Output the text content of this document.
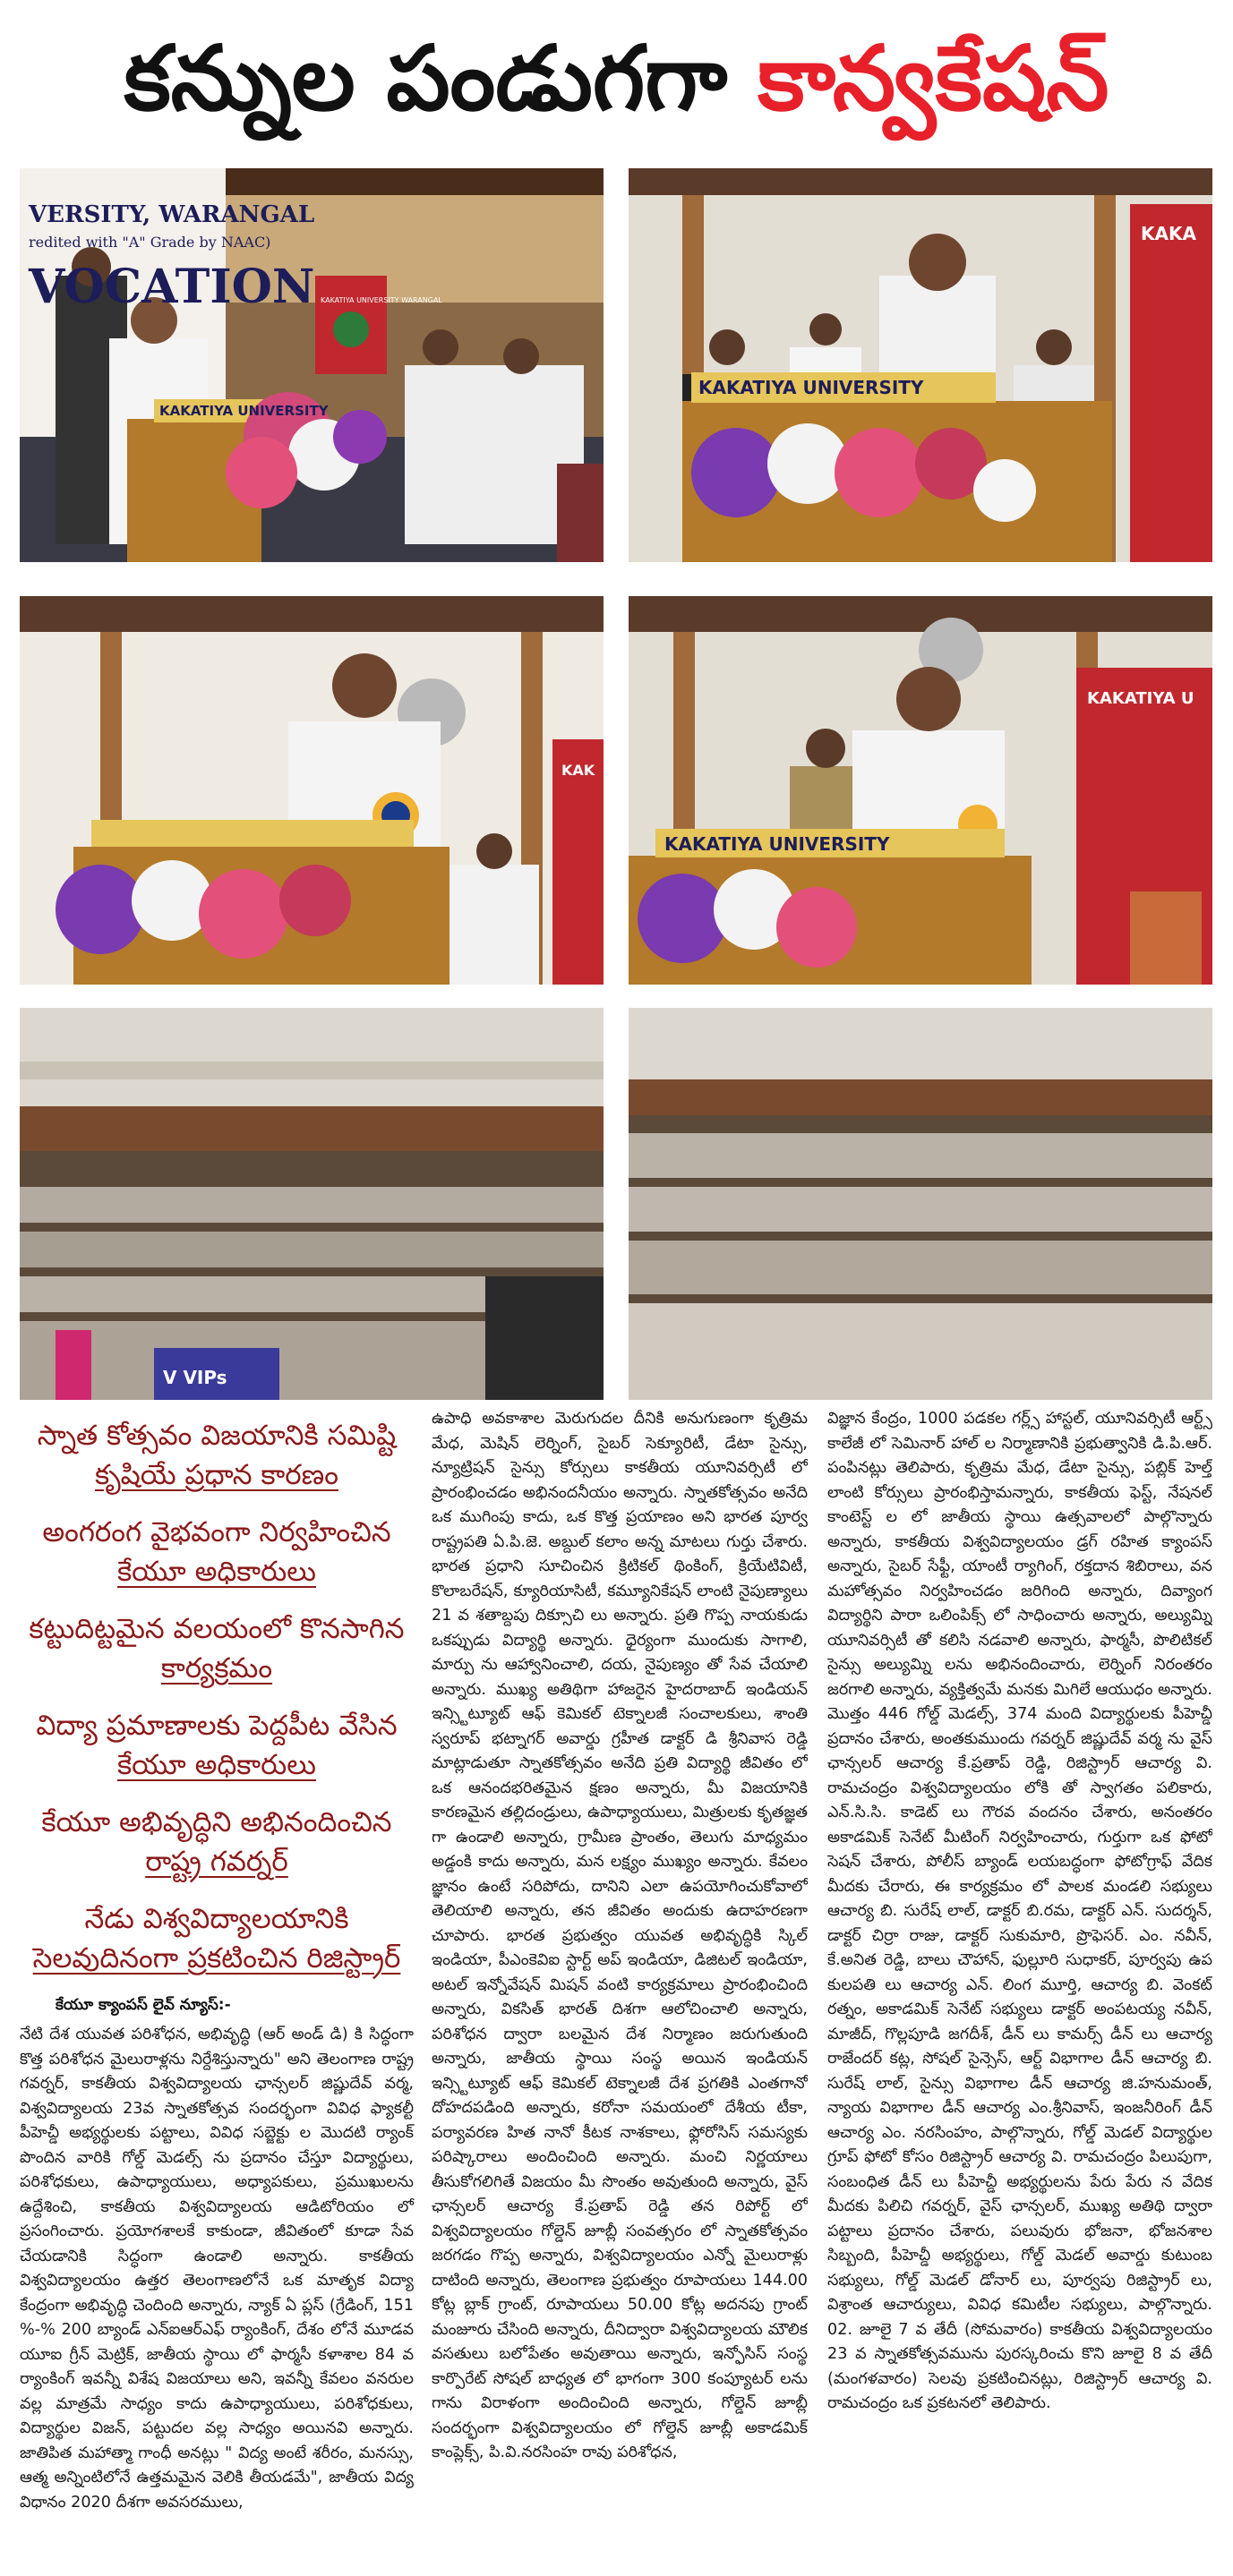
కన్నుల పండుగగా కాన్వకేషన్
VERSITY, WARANGAL
redited with "A" Grade by NAAC)
VOCATION
KAKATIYA UNIVERSITY
KAKATIYA UNIVERSITY WARANGAL
KAKATIYA UNIVERSITY
KAKA
KAK
KAKATIYA UNIVERSITY
KAKATIYA U
V VIPs
స్నాత కోత్సవం విజయానికి సమిష్టి
కృషియే ప్రధాన కారణం
అంగరంగ వైభవంగా నిర్వహించిన
కేయూ అధికారులు
కట్టుదిట్టమైన వలయంలో కొనసాగిన
కార్యక్రమం
విద్యా ప్రమాణాలకు పెద్దపీట వేసిన
కేయూ అధికారులు
కేయూ అభివృద్ధిని అభినందించిన
రాష్ట్ర గవర్నర్
నేడు విశ్వవిద్యాలయానికి
సెలవుదినంగా ప్రకటించిన రిజిస్ట్రార్
కేయూ క్యాంపస్ లైవ్ న్యూస్:-

నేటి దేశ యువత పరిశోధన, అభివృద్ధి (ఆర్ అండ్ డి) కి సిద్ధంగా కొత్త పరిశోధన మైలురాళ్లను నిర్దేశిస్తున్నారు" అని తెలంగాణ రాష్ట్ర గవర్నర్, కాకతీయ విశ్వవిద్యాలయ ఛాన్సలర్ జిష్ణుదేవ్ వర్మ, విశ్వవిద్యాలయ 23వ స్నాతకోత్సవ సందర్భంగా వివిధ ఫ్యాకల్టీ పీహెచ్డీ అభ్యర్థులకు పట్టాలు, వివిధ సబ్జెక్టు ల మొదటి ర్యాంక్ పొందిన వారికి గోల్డ్ మెడల్స్ ను ప్రదానం చేస్తూ విద్యార్థులు, పరిశోధకులు, ఉపాధ్యాయులు, అధ్యాపకులు, ప్రముఖులను ఉద్దేశించి, కాకతీయ విశ్వవిద్యాలయ ఆడిటోరియం లో ప్రసంగించారు. ప్రయోగశాలకే కాకుండా, జీవితంలో కూడా సేవ చేయడానికి సిద్ధంగా ఉండాలి అన్నారు. కాకతీయ విశ్వవిద్యాలయం ఉత్తర తెలంగాణలోనే ఒక మాతృక విద్యా కేంద్రంగా అభివృద్ధి చెందింది అన్నారు, న్యాక్ ఏ ప్లస్ (గ్రేడింగ్, 151 %-% 200 బ్యాండ్ ఎన్ఐఆర్ఎఫ్ ర్యాంకింగ్, దేశం లోనే మూడవ యూఐ గ్రీన్ మెట్రిక్, జాతీయ స్థాయి లో ఫార్మసీ కళాశాల 84 వ ర్యాంకింగ్ ఇవన్నీ విశేష విజయాలు అని, ఇవన్నీ కేవలం వనరుల వల్ల మాత్రమే సాధ్యం కాదు ఉపాధ్యాయులు, పరిశోధకులు, విద్యార్థుల విజన్, పట్టుదల వల్ల సాధ్యం అయినవి అన్నారు. జాతిపిత మహాత్మా గాంధీ అనట్లు " విద్య అంటే శరీరం, మనస్సు, ఆత్మ అన్నింటిలోనే ఉత్తమమైన వెలికి తీయడమే", జాతీయ విద్య విధానం 2020 దీశగా అవసరములు,

ఉపాధి అవకాశాల మెరుగుదల దీనికి అనుగుణంగా కృత్రిమ మేధ, మెషిన్ లెర్నింగ్, సైబర్ సెక్యూరిటీ, డేటా సైన్సు, న్యూట్రిషన్ సైన్సు కోర్సులు కాకతీయ యూనివర్సిటీ లో ప్రారంభించడం అభినందనీయం అన్నారు. స్నాతకోత్సవం అనేది ఒక ముగింపు కాదు, ఒక కొత్త ప్రయాణం అని భారత పూర్వ రాష్ట్రపతి ఏ.పి.జె. అబ్దుల్ కలాం అన్న మాటలు గుర్తు చేశారు. భారత ప్రధాని సూచించిన క్రిటికల్ థింకింగ్, క్రియేటివిటీ, కొలాబరేషన్, క్యూరియాసిటీ, కమ్యూనికేషన్ లాంటి నైపుణ్యాలు 21 వ శతాబ్దపు దిక్సూచి లు అన్నారు. ప్రతి గొప్ప నాయకుడు ఒకప్పుడు విద్యార్థి అన్నారు. ధైర్యంగా ముందుకు సాగాలి, మార్పు ను ఆహ్వానించాలి, దయ, నైపుణ్యం తో సేవ చేయాలి అన్నారు. ముఖ్య అతిథిగా హాజరైన హైదరాబాద్ ఇండియన్ ఇన్స్టిట్యూట్ ఆఫ్ కెమికల్ టెక్నాలజీ సంచాలకులు, శాంతి స్వరూప్ భట్నాగర్ అవార్డు గ్రహీత డాక్టర్ డి శ్రీనివాస రెడ్డి మాట్లాడుతూ స్నాతకోత్సవం అనేది ప్రతి విద్యార్థి జీవితం లో ఒక ఆనందభరితమైన క్షణం అన్నారు, మీ విజయానికి కారణమైన తల్లిదండ్రులు, ఉపాధ్యాయులు, మిత్రులకు కృతజ్ఞత గా ఉండాలి అన్నారు, గ్రామీణ ప్రాంతం, తెలుగు మాధ్యమం అడ్డంకి కాదు అన్నారు, మన లక్ష్యం ముఖ్యం అన్నారు. కేవలం జ్ఞానం ఉంటే సరిపోదు, దానిని ఎలా ఉపయోగించుకోవాలో తెలియాలి అన్నారు, తన జీవితం అందుకు ఉదాహరణగా చూపారు. భారత ప్రభుత్వం యువత అభివృద్ధికి స్కిల్ ఇండియా, పీఎంకెవిఐ స్టార్ట్ అప్ ఇండియా, డిజిటల్ ఇండియా, అటల్ ఇన్నోవేషన్ మిషన్ వంటి కార్యక్రమాలు ప్రారంభించింది అన్నారు, వికసిత్ భారత్ దిశగా ఆలోచించాలి అన్నారు, పరిశోధన ద్వారా బలమైన దేశ నిర్మాణం జరుగుతుంది అన్నారు, జాతీయ స్థాయి సంస్థ అయిన ఇండియన్ ఇన్స్టిట్యూట్ ఆఫ్ కెమికల్ టెక్నాలజీ దేశ ప్రగతికి ఎంతగానో దోహదపడింది అన్నారు, కరోనా సమయంలో దేశీయ టీకా, పర్యావరణ హిత నానో కీటక నాశకాలు, ఫ్లోరోసిస్ సమస్యకు పరిష్కారాలు అందించింది అన్నారు. మంచి నిర్ణయాలు తీసుకోగలిగితే విజయం మీ సొంతం అవుతుంది అన్నారు, వైస్ ఛాన్సలర్ ఆచార్య కే.ప్రతాప్ రెడ్డి తన రిపోర్ట్ లో విశ్వవిద్యాలయం గోల్డెన్ జూబ్లీ సంవత్సరం లో స్నాతకోత్సవం జరగడం గొప్ప అన్నారు, విశ్వవిద్యాలయం ఎన్నో మైలురాళ్లు దాటింది అన్నారు, తెలంగాణ ప్రభుత్వం రూపాయలు 144.00 కోట్ల బ్లాక్ గ్రాంట్, రూపాయలు 50.00 కోట్ల అదనపు గ్రాంట్ మంజూరు చేసింది అన్నారు, దీనిద్వారా విశ్వవిద్యాలయ మౌలిక వసతులు బలోపేతం అవుతాయి అన్నారు, ఇన్ఫోసిస్ సంస్థ కార్పొరేట్ సోషల్ బాధ్యత లో భాగంగా 300 కంప్యూటర్ లను గాను విరాళంగా అందించింది అన్నారు, గోల్డెన్ జూబ్లీ సందర్భంగా విశ్వవిద్యాలయం లో గోల్డెన్ జూబ్లీ అకాడమిక్ కాంప్లెక్స్, పి.వి.నరసింహ రావు పరిశోధన,

విజ్ఞాన కేంద్రం, 1000 పడకల గర్ల్స్ హాస్టల్, యూనివర్సిటీ ఆర్ట్స్ కాలేజీ లో సెమినార్ హాల్ ల నిర్మాణానికి ప్రభుత్వానికి డి.పి.ఆర్. పంపినట్లు తెలిపారు, కృత్రిమ మేధ, డేటా సైన్సు, పబ్లిక్ హెల్త్ లాంటి కోర్సులు ప్రారంభిస్తామన్నారు, కాకతీయ ఫెస్ట్, నేషనల్ కాంటెస్ట్ ల లో జాతీయ స్థాయి ఉత్సవాలలో పాల్గొన్నారు అన్నారు, కాకతీయ విశ్వవిద్యాలయం డ్రగ్ రహిత క్యాంపస్ అన్నారు, సైబర్ సేఫ్టీ, యాంటీ ర్యాగింగ్, రక్తదాన శిబిరాలు, వన మహోత్సవం నిర్వహించడం జరిగింది అన్నారు, దివ్యాంగ విద్యార్థిని పారా ఒలింపిక్స్ లో సాధించారు అన్నారు, అల్యుమ్ని యూనివర్సిటీ తో కలిసి నడవాలి అన్నారు, ఫార్మసీ, పొలిటికల్ సైన్సు అల్యుమ్ని లను అభినందించారు, లెర్నింగ్ నిరంతరం జరగాలి అన్నారు, వ్యక్తిత్వమే మనకు మిగిలే ఆయుధం అన్నారు. మొత్తం 446 గోల్డ్ మెడల్స్, 374 మంది విద్యార్థులకు పీహెచ్డీ ప్రదానం చేశారు, అంతకుముందు గవర్నర్ జిష్ణుదేవ్ వర్మ ను వైస్ ఛాన్సలర్ ఆచార్య కే.ప్రతాప్ రెడ్డి, రిజిస్ట్రార్ ఆచార్య వి. రామచంద్రం విశ్వవిద్యాలయం లోకి తో స్వాగతం పలికారు, ఎన్.సి.సి. కాడెట్ లు గౌరవ వందనం చేశారు, అనంతరం అకాడమిక్ సెనేట్ మీటింగ్ నిర్వహించారు, గుర్తుగా ఒక ఫోటో సెషన్ చేశారు, పోలీస్ బ్యాండ్ లయబద్ధంగా ఫోటోగ్రాఫ్ వేదిక మీదకు చేరారు, ఈ కార్యక్రమం లో పాలక మండలి సభ్యులు ఆచార్య బి. సురేష్ లాల్, డాక్టర్ బి.రమ, డాక్టర్ ఎన్. సుదర్శన్, డాక్టర్ చిర్రా రాజు, డాక్టర్ సుకుమారి, ప్రొఫెసర్. ఎం. నవీన్, కే.అనిత రెడ్డి, బాలు చౌహాన్, ఫుల్లూరి సుధాకర్, పూర్వపు ఉప కులపతి లు ఆచార్య ఎన్. లింగ మూర్తి, ఆచార్య బి. వెంకట్ రత్నం, అకాడమిక్ సెనేట్ సభ్యులు డాక్టర్ అంపటయ్య నవీన్, మాజీద్, గొల్లపూడి జగదీశ్, డీన్ లు కామర్స్ డీన్ లు ఆచార్య రాజేందర్ కట్ల, సోషల్ సైన్సెస్, ఆర్ట్ విభాగాల డీన్ ఆచార్య బి. సురేష్ లాల్, సైన్సు విభాగాల డీన్ ఆచార్య జి.హనుమంత్, న్యాయ విభాగాల డీన్ ఆచార్య ఎం.శ్రీనివాస్, ఇంజనీరింగ్ డీన్ ఆచార్య ఎం. నరసింహం, పాల్గొన్నారు, గోల్డ్ మెడల్ విద్యార్థుల గ్రూప్ ఫోటో కోసం రిజిస్ట్రార్ ఆచార్య వి. రామచంద్రం పిలుపుగా, సంబంధిత డీన్ లు పీహెచ్డీ అభ్యర్థులను పేరు పేరు న వేదిక మీదకు పిలిచి గవర్నర్, వైస్ ఛాన్సలర్, ముఖ్య అతిథి ద్వారా పట్టాలు ప్రదానం చేశారు, పలువురు భోజనా, భోజనశాల సిబ్బంది, పీహెచ్డీ అభ్యర్థులు, గోల్డ్ మెడల్ అవార్డు కుటుంబ సభ్యులు, గోల్డ్ మెడల్ డోనార్ లు, పూర్వపు రిజిస్ట్రార్ లు, విశ్రాంత ఆచార్యులు, వివిధ కమిటీల సభ్యులు, పాల్గొన్నారు. 02. జూలై 7 వ తేదీ (సోమవారం) కాకతీయ విశ్వవిద్యాలయం 23 వ స్నాతకోత్సవమును పురస్కరించు కొని జూలై 8 వ తేదీ (మంగళవారం) సెలవు ప్రకటించినట్లు, రిజిస్ట్రార్ ఆచార్య వి. రామచంద్రం ఒక ప్రకటనలో తెలిపారు.
